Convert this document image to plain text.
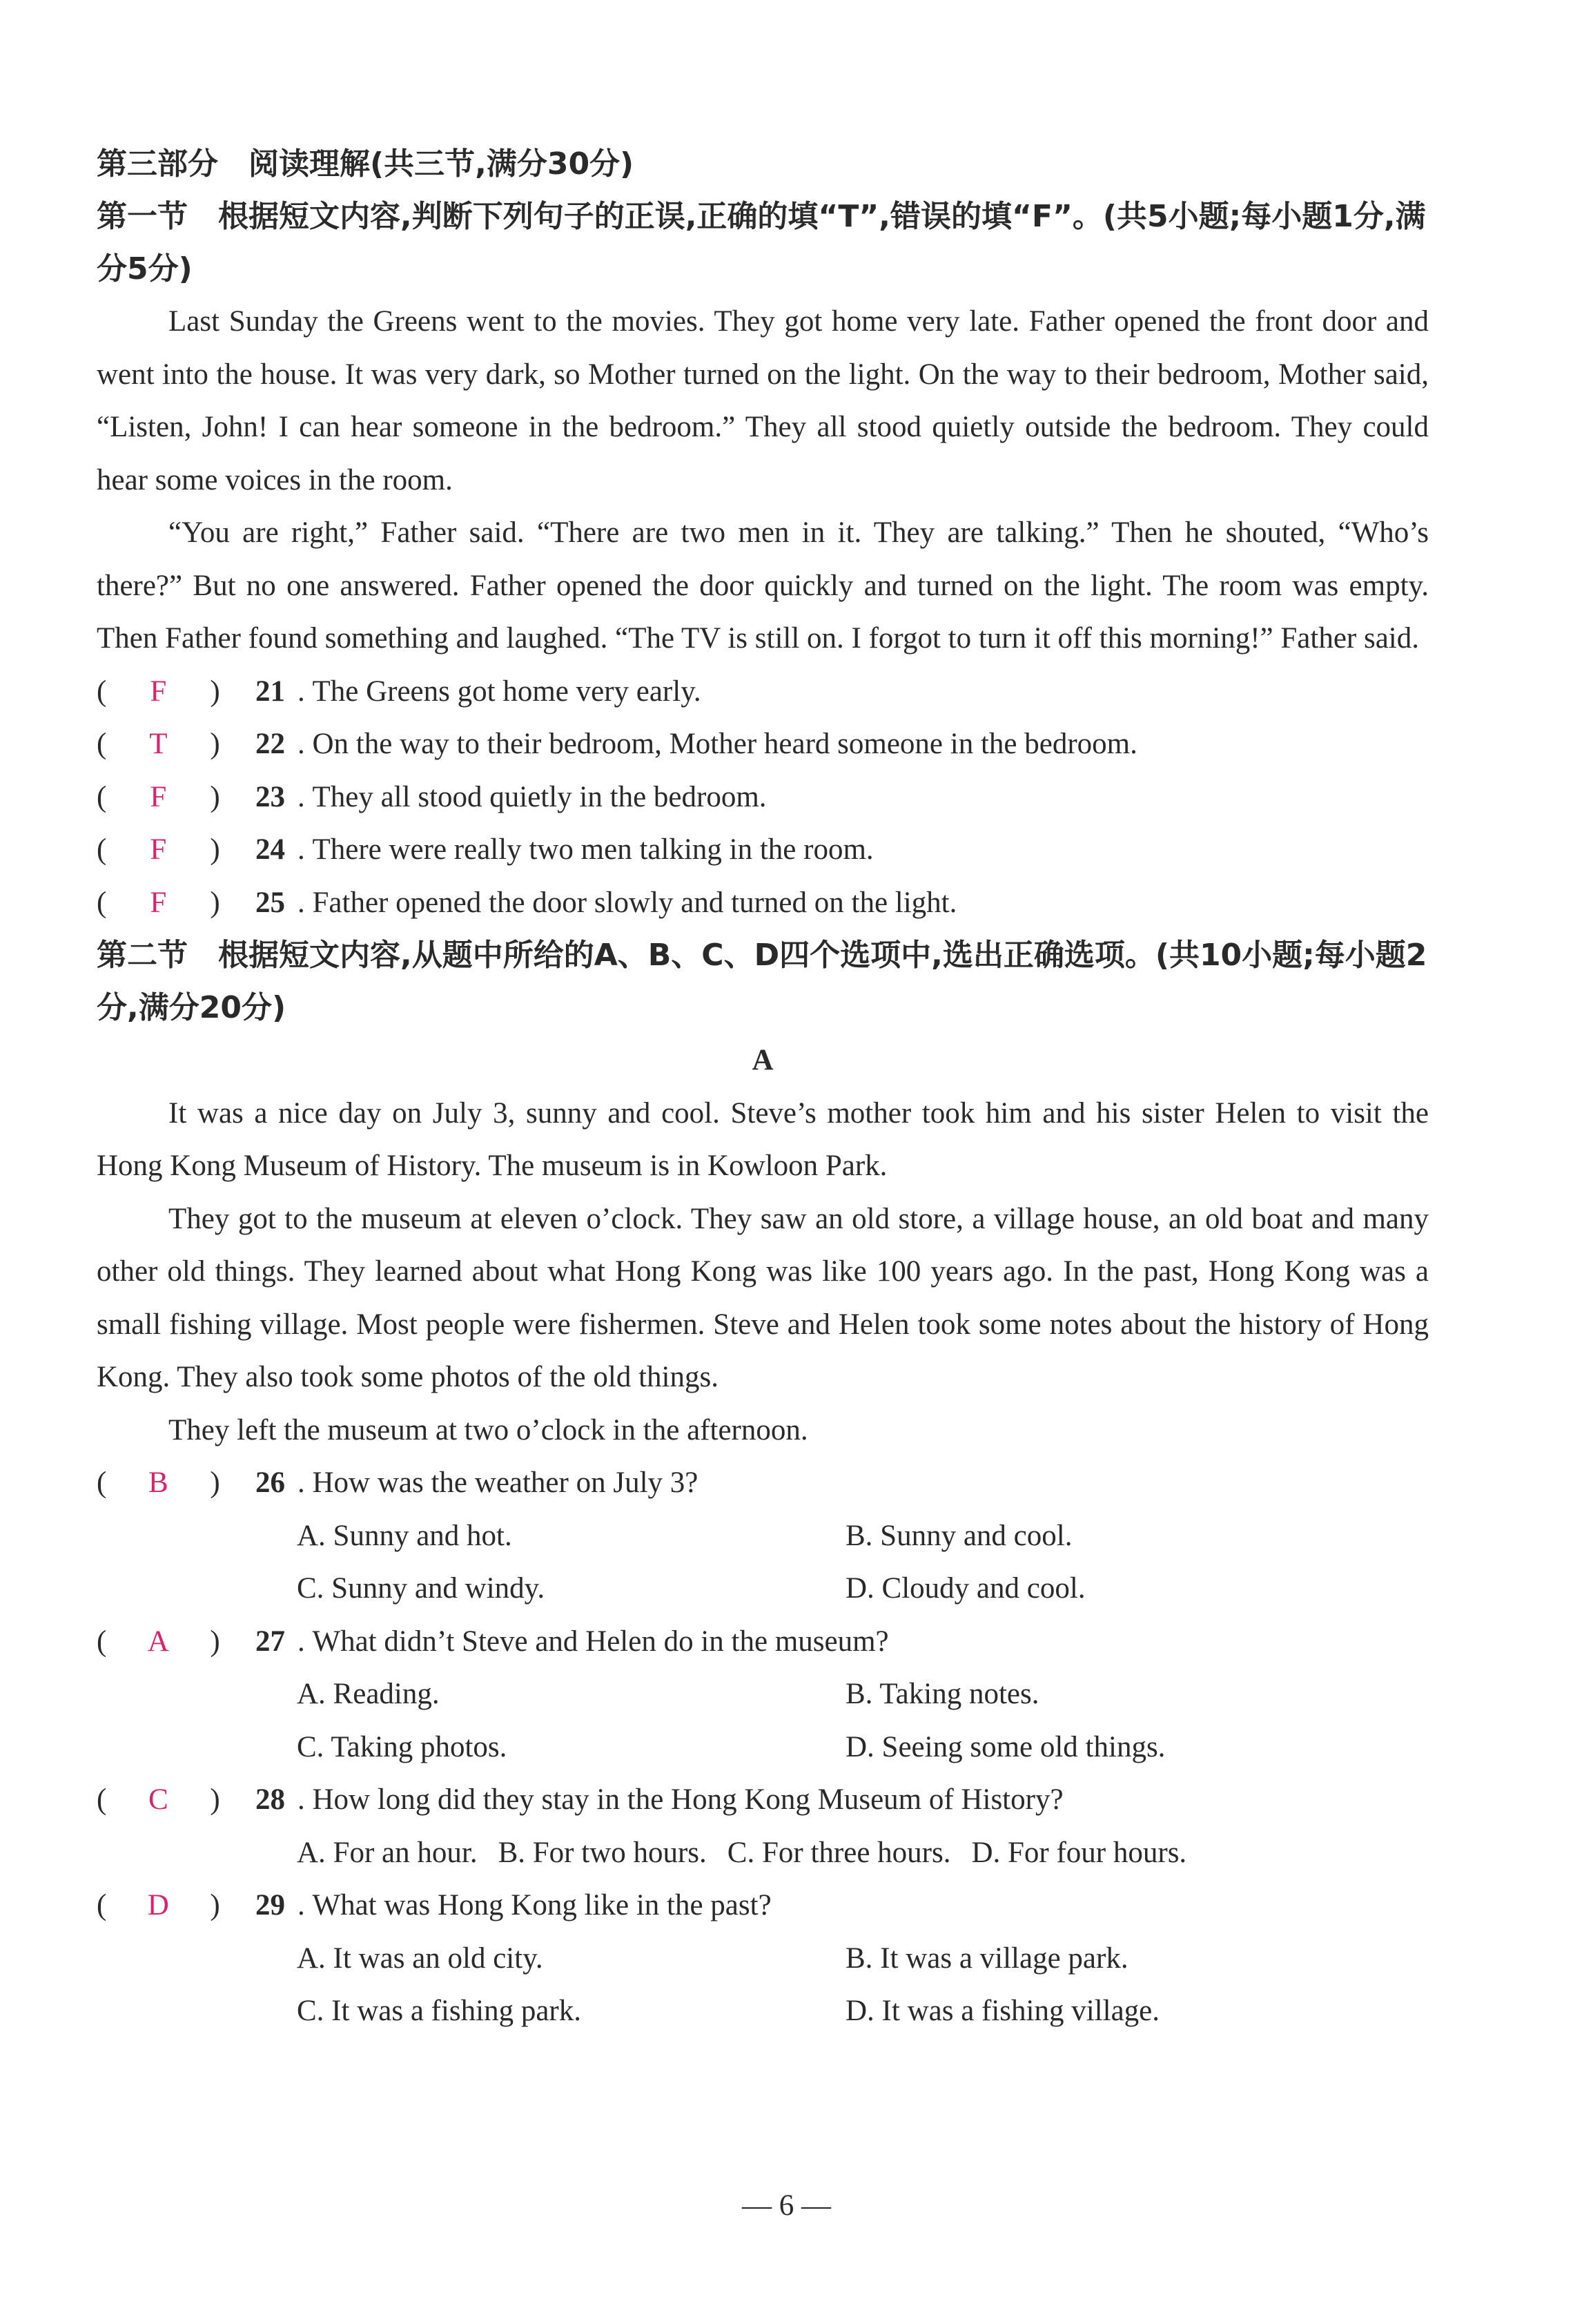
第三部分　阅读理解(共三节,满分30分)

第一节　根据短文内容,判断下列句子的正误,正确的填“T”,错误的填“F”。(共5小题;每小题1分,满分5分)

Last Sunday the Greens went to the movies. They got home very late. Father opened the front door and went into the house. It was very dark, so Mother turned on the light. On the way to their bedroom, Mother said, “Listen, John! I can hear someone in the bedroom.” They all stood quietly outside the bedroom. They could hear some voices in the room.

“You are right,” Father said. “There are two men in it. They are talking.” Then he shouted, “Who’s there?” But no one answered. Father opened the door quickly and turned on the light. The room was empty. Then Father found something and laughed. “The TV is still on. I forgot to turn it off this morning!” Father said.

(	F	)	21 .
The Greens got home very early.
(	T	)	22 .
On the way to their bedroom, Mother heard someone in the bedroom.
(	F	)	23 .
They all stood quietly in the bedroom.
(	F	)	24 .
There were really two men talking in the room.
(	F	)	25 .
Father opened the door slowly and turned on the light.

第二节　根据短文内容,从题中所给的A、B、C、D四个选项中,选出正确选项。(共10小题;每小题2分,满分20分)

A

It was a nice day on July 3, sunny and cool. Steve’s mother took him and his sister Helen to visit the Hong Kong Museum of History. The museum is in Kowloon Park.

They got to the museum at eleven o’clock. They saw an old store, a village house, an old boat and many other old things. They learned about what Hong Kong was like 100 years ago. In the past, Hong Kong was a small fishing village. Most people were fishermen. Steve and Helen took some notes about the history of Hong Kong. They also took some photos of the old things.

They left the museum at two o’clock in the afternoon.

(	B	)	26 .
How was the weather on July 3?
A. Sunny and hot.	B. Sunny and cool.
C. Sunny and windy.	D. Cloudy and cool.
(	A	)	27 .
What didn’t Steve and Helen do in the museum?
A. Reading.	B. Taking notes.
C. Taking photos.	D. Seeing some old things.
(	C	)	28 .
How long did they stay in the Hong Kong Museum of History?
A. For an hour. B. For two hours. C. For three hours. D. For four hours.
(	D	)	29 .
What was Hong Kong like in the past?
A. It was an old city.	B. It was a village park.
C. It was a fishing park.	D. It was a fishing village.
— 6 —
